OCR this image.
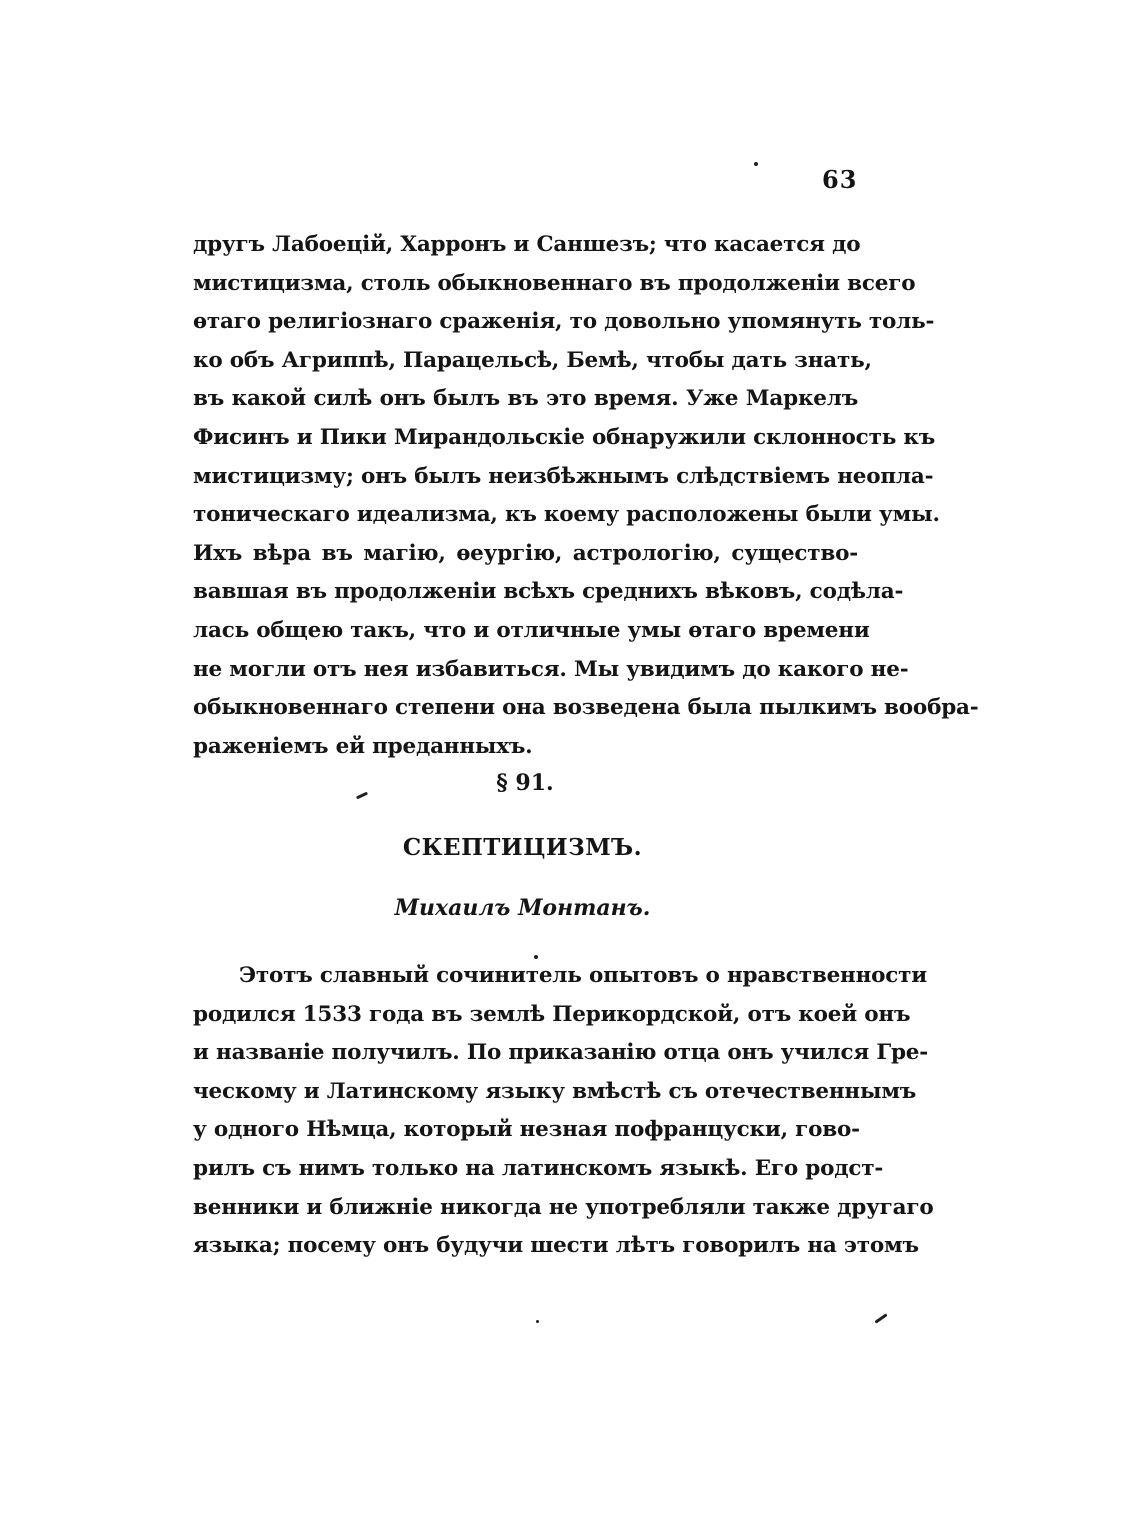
63
другъ Лабоецій, Харронъ и Саншезъ; что касается до
мистицизма, столь обыкновеннаго въ продолженіи всего
ѳтаго религіознаго сраженія, то довольно упомянуть толь-
ко объ Агриппѣ, Парацельсѣ, Бемѣ, чтобы дать знать,
въ какой силѣ онъ былъ въ это время. Уже Маркелъ
Фисинъ и Пики Мирандольскіе обнаружили склонность къ
мистицизму; онъ былъ неизбѣжнымъ слѣдствіемъ неопла-
тоническаго идеализма, къ коему расположены были умы.
Ихъ вѣра въ магію, ѳеургію, астрологію, существо-
вавшая въ продолженіи всѣхъ среднихъ вѣковъ, содѣла-
лась общею такъ, что и отличные умы ѳтаго времени
не могли отъ нея избавиться. Мы увидимъ до какого не-
обыкновеннаго степени она возведена была пылкимъ вообра-
раженіемъ ей преданныхъ.
§ 91.
СКЕПТИЦИЗМЪ.
Михаилъ Монтанъ.
Этотъ славный сочинитель опытовъ о нравственности
родился 1533 года въ землѣ Перикордской, отъ коей онъ
и названіе получилъ. По приказанію отца онъ учился Гре-
ческому и Латинскому языку вмѣстѣ съ отечественнымъ
у одного Нѣмца, который незная пофранцуски, гово-
рилъ съ нимъ только на латинскомъ языкѣ. Его родст-
венники и ближніе никогда не употребляли также другаго
языка; посему онъ будучи шести лѣтъ говорилъ на этомъ
